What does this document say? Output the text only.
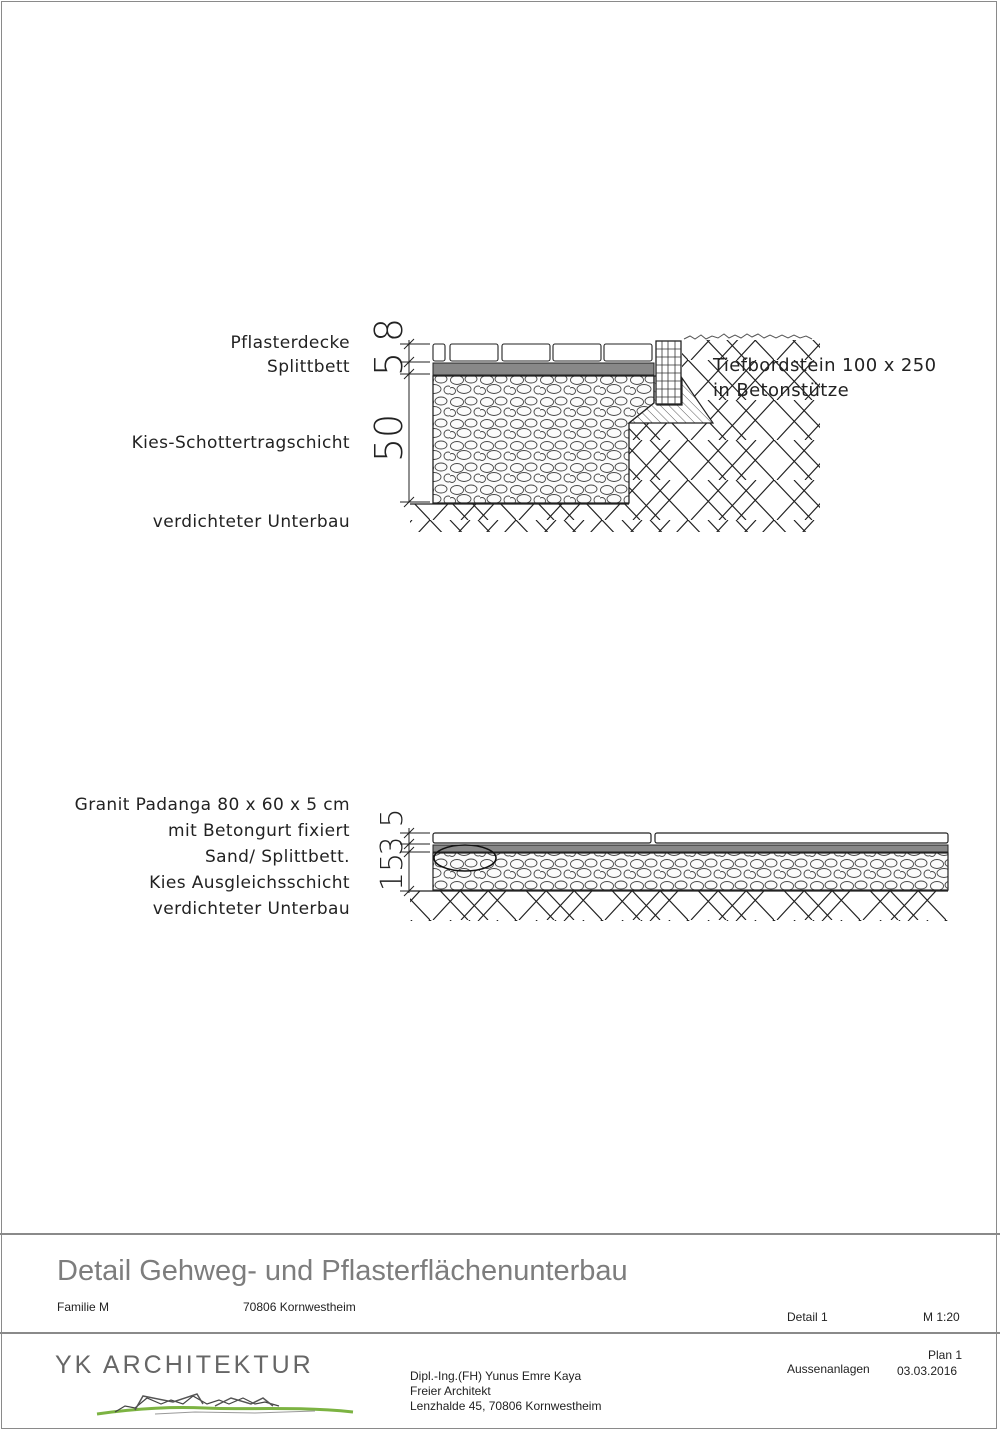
Pflasterdecke
Splittbett
Kies-Schottertragschicht
verdichteter Unterbau
8
5
50
Tiefbordstein 100 x 250
in Betonstütze
Granit Padanga 80 x 60 x 5 cm
mit Betongurt fixiert
Sand/ Splittbett.
Kies Ausgleichsschicht
verdichteter Unterbau
5
3
15
Detail Gehweg- und Pflasterflächenunterbau
Familie M	70806 Kornwestheim
Detail 1	M 1:20
YK ARCHITEKTUR	Dipl.-Ing.(FH) Yunus Emre Kaya
Freier Architekt
Lenzhalde 45, 70806 Kornwestheim
Aussenanlagen
Plan 1
03.03.2016
